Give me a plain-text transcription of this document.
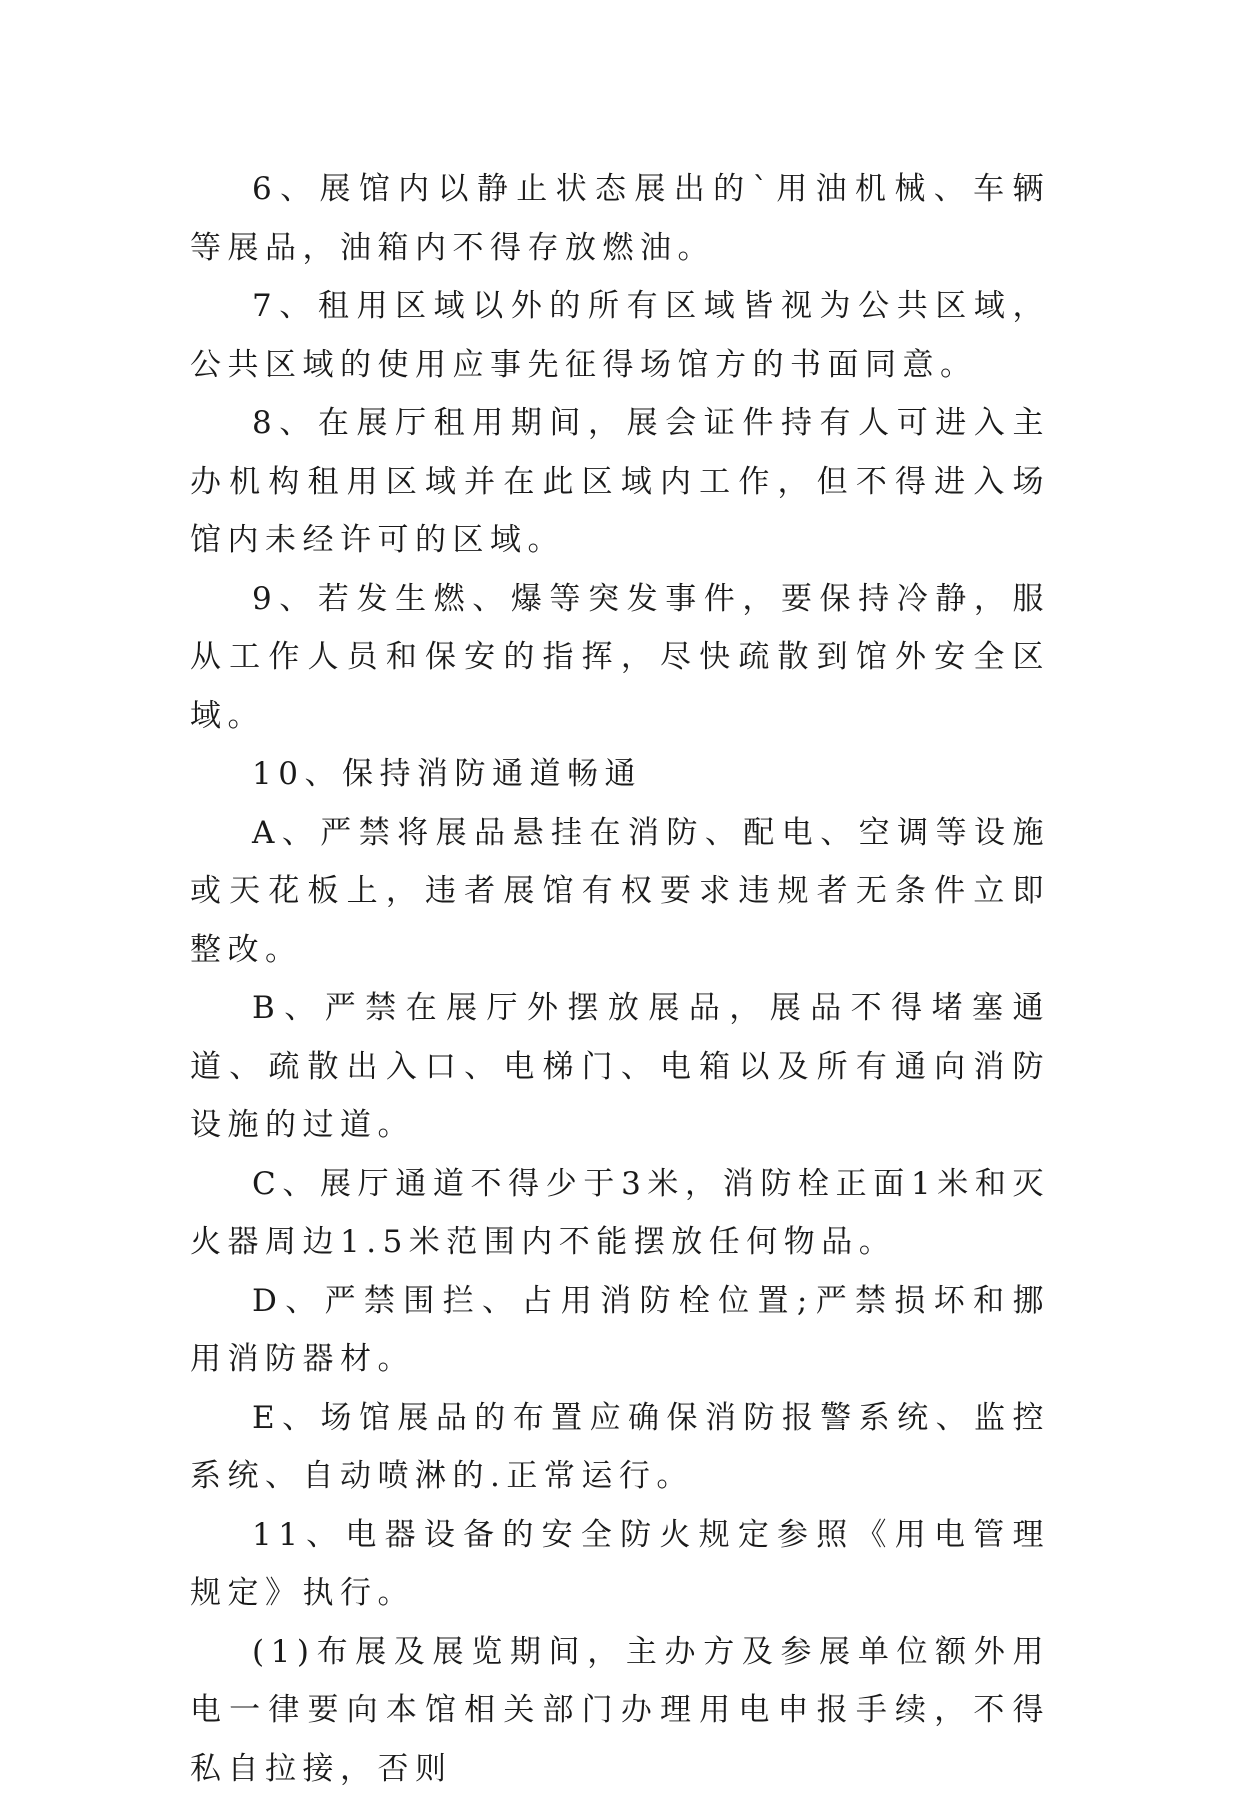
6、展馆内以静止状态展出的`用油机械、车辆等展品，油箱内不得存放燃油。

7、租用区域以外的所有区域皆视为公共区域，公共区域的使用应事先征得场馆方的书面同意。

8、在展厅租用期间，展会证件持有人可进入主办机构租用区域并在此区域内工作，但不得进入场馆内未经许可的区域。

9、若发生燃、爆等突发事件，要保持冷静，服从工作人员和保安的指挥，尽快疏散到馆外安全区域。

10、保持消防通道畅通

A、严禁将展品悬挂在消防、配电、空调等设施或天花板上，违者展馆有权要求违规者无条件立即整改。

B、严禁在展厅外摆放展品，展品不得堵塞通道、疏散出入口、电梯门、电箱以及所有通向消防设施的过道。

C、展厅通道不得少于3米，消防栓正面1米和灭火器周边1.5米范围内不能摆放任何物品。

D、严禁围拦、占用消防栓位置;严禁损坏和挪用消防器材。

E、场馆展品的布置应确保消防报警系统、监控系统、自动喷淋的.正常运行。

11、电器设备的安全防火规定参照《用电管理规定》执行。

(1)布展及展览期间，主办方及参展单位额外用电一律要向本馆相关部门办理用电申报手续，不得私自拉接，否则
